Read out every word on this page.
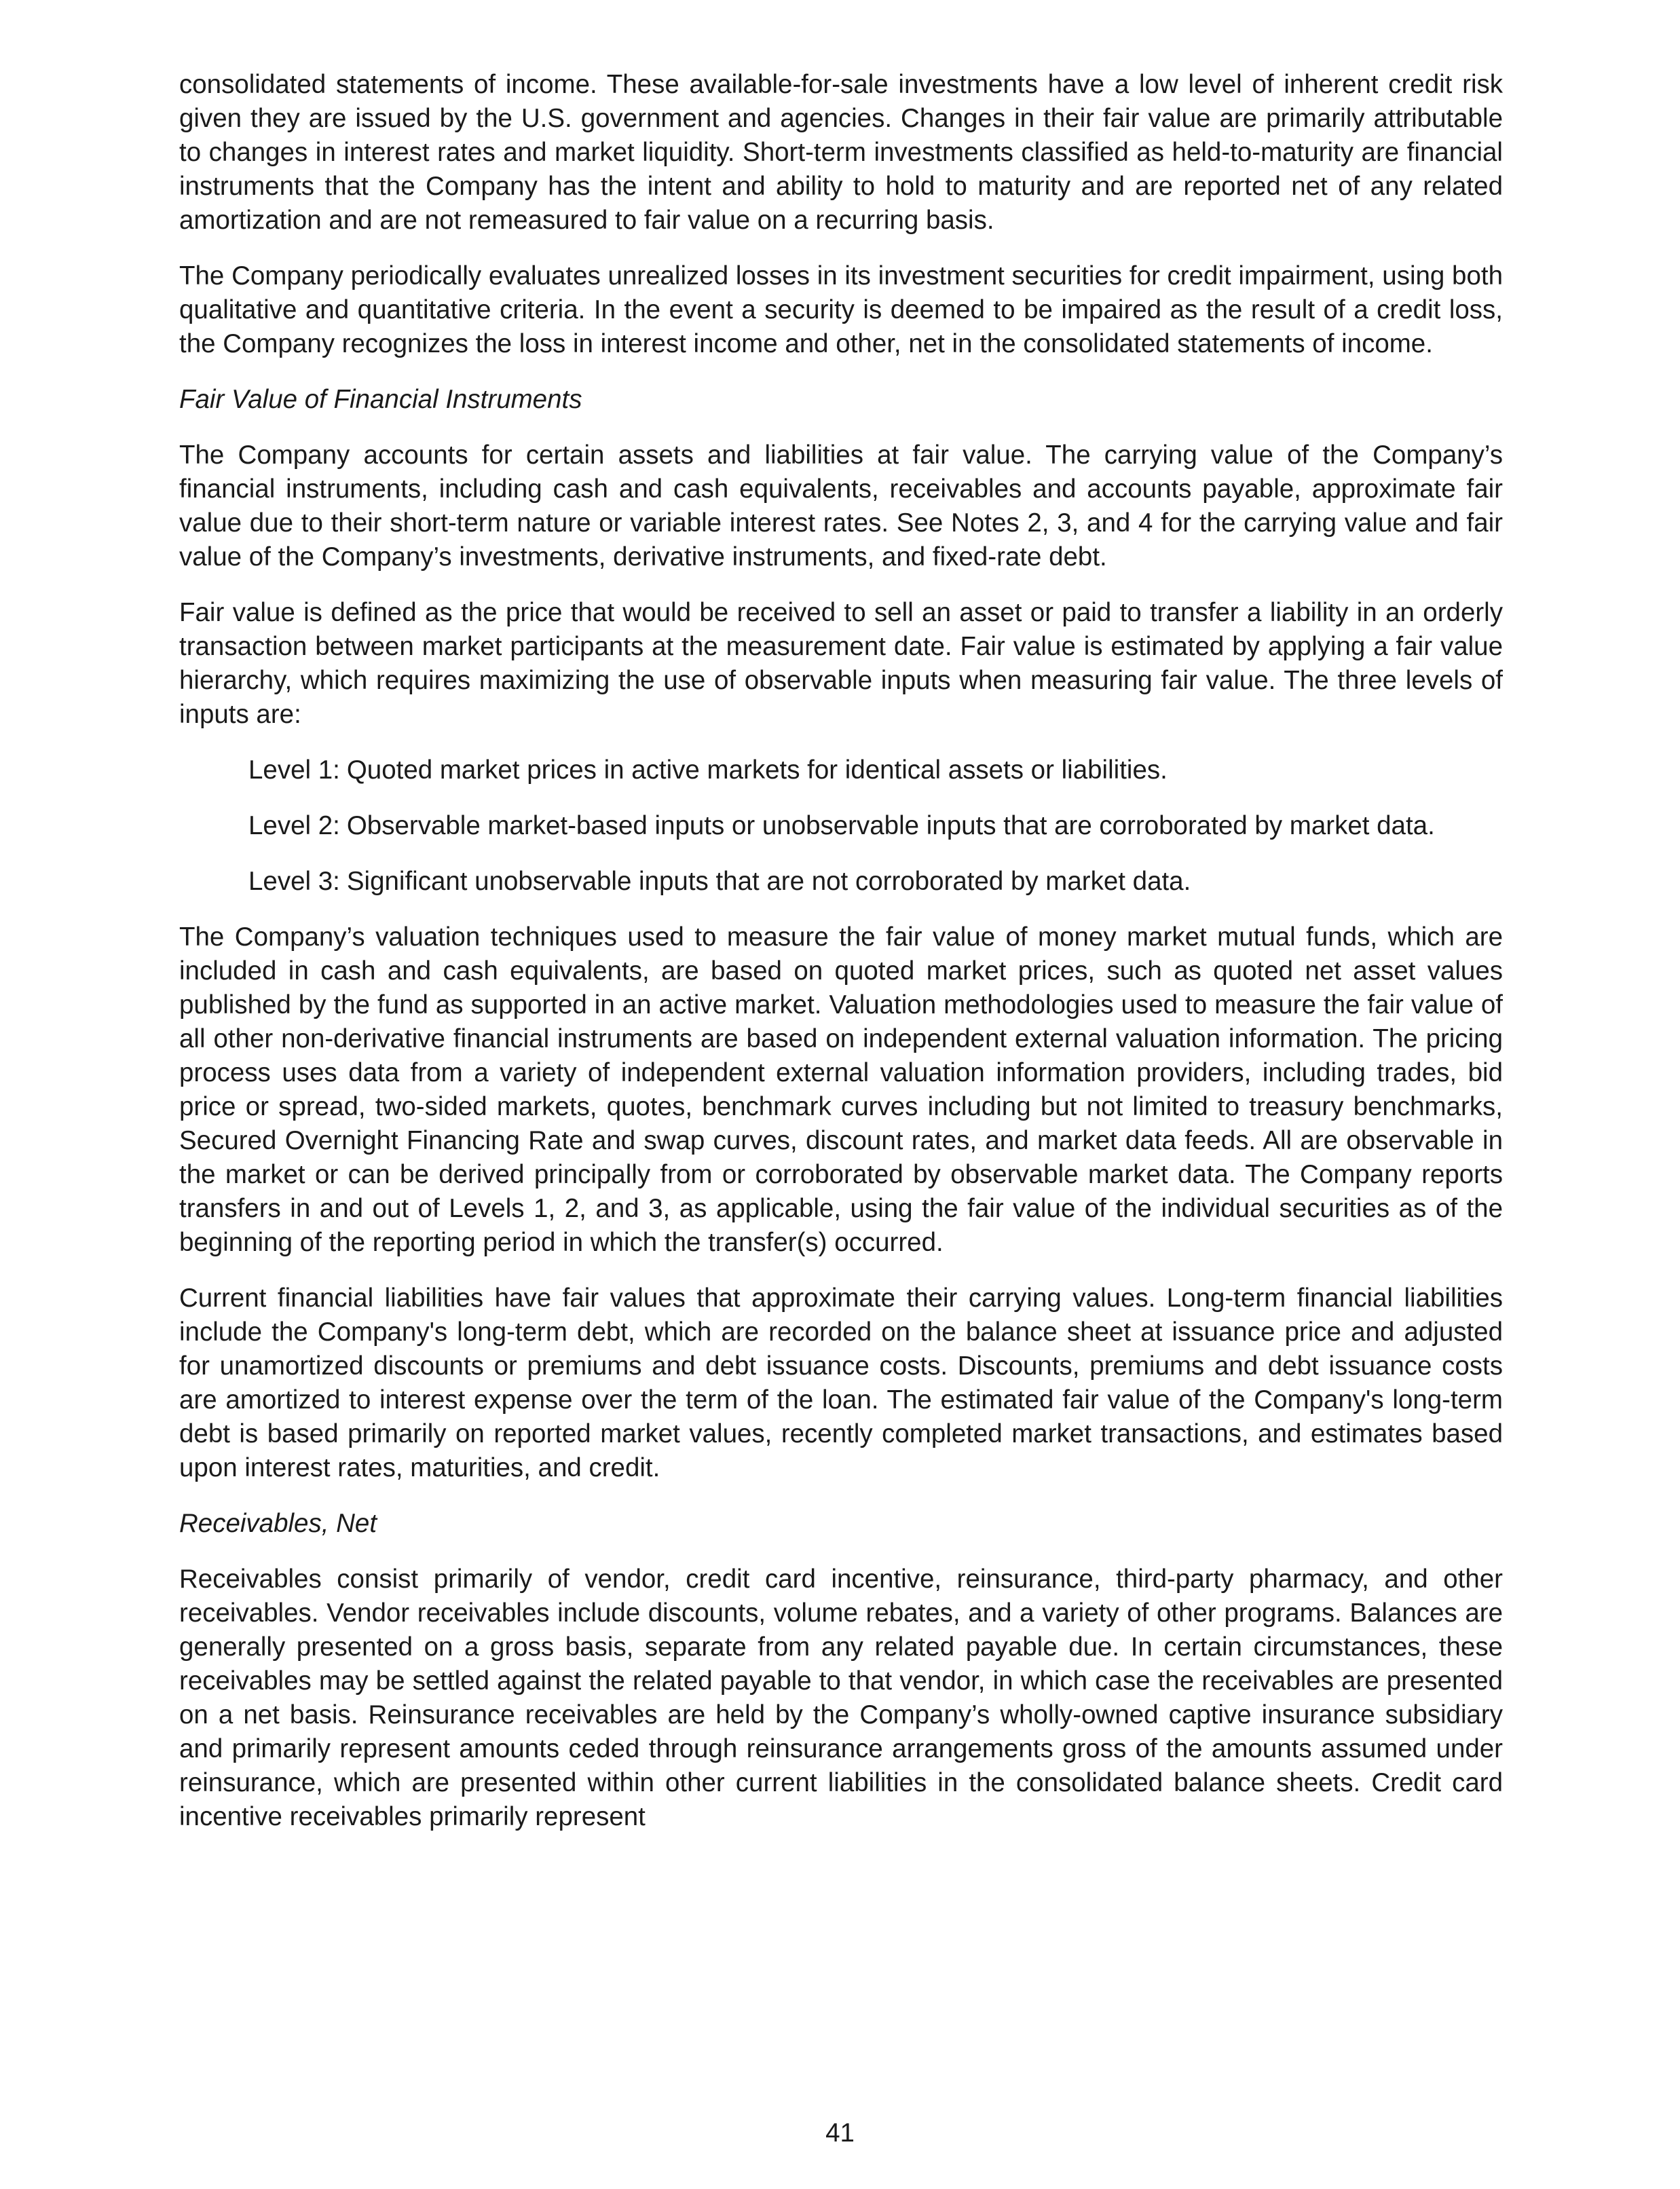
consolidated statements of income. These available-for-sale investments have a low level of inherent credit risk given they are issued by the U.S. government and agencies. Changes in their fair value are primarily attributable to changes in interest rates and market liquidity. Short-term investments classified as held-to-maturity are financial instruments that the Company has the intent and ability to hold to maturity and are reported net of any related amortization and are not remeasured to fair value on a recurring basis.

The Company periodically evaluates unrealized losses in its investment securities for credit impairment, using both qualitative and quantitative criteria. In the event a security is deemed to be impaired as the result of a credit loss, the Company recognizes the loss in interest income and other, net in the consolidated statements of income.

Fair Value of Financial Instruments

The Company accounts for certain assets and liabilities at fair value. The carrying value of the Company’s financial instruments, including cash and cash equivalents, receivables and accounts payable, approximate fair value due to their short-term nature or variable interest rates. See Notes 2, 3, and 4 for the carrying value and fair value of the Company’s investments, derivative instruments, and fixed-rate debt.

Fair value is defined as the price that would be received to sell an asset or paid to transfer a liability in an orderly transaction between market participants at the measurement date. Fair value is estimated by applying a fair value hierarchy, which requires maximizing the use of observable inputs when measuring fair value. The three levels of inputs are:

Level 1: Quoted market prices in active markets for identical assets or liabilities.
Level 2: Observable market-based inputs or unobservable inputs that are corroborated by market data.
Level 3: Significant unobservable inputs that are not corroborated by market data.

The Company’s valuation techniques used to measure the fair value of money market mutual funds, which are included in cash and cash equivalents, are based on quoted market prices, such as quoted net asset values published by the fund as supported in an active market. Valuation methodologies used to measure the fair value of all other non-derivative financial instruments are based on independent external valuation information. The pricing process uses data from a variety of independent external valuation information providers, including trades, bid price or spread, two-sided markets, quotes, benchmark curves including but not limited to treasury benchmarks, Secured Overnight Financing Rate and swap curves, discount rates, and market data feeds. All are observable in the market or can be derived principally from or corroborated by observable market data. The Company reports transfers in and out of Levels 1, 2, and 3, as applicable, using the fair value of the individual securities as of the beginning of the reporting period in which the transfer(s) occurred.

Current financial liabilities have fair values that approximate their carrying values. Long-term financial liabilities include the Company's long-term debt, which are recorded on the balance sheet at issuance price and adjusted for unamortized discounts or premiums and debt issuance costs. Discounts, premiums and debt issuance costs are amortized to interest expense over the term of the loan. The estimated fair value of the Company's long-term debt is based primarily on reported market values, recently completed market transactions, and estimates based upon interest rates, maturities, and credit.

Receivables, Net

Receivables consist primarily of vendor, credit card incentive, reinsurance, third-party pharmacy, and other receivables. Vendor receivables include discounts, volume rebates, and a variety of other programs. Balances are generally presented on a gross basis, separate from any related payable due. In certain circumstances, these receivables may be settled against the related payable to that vendor, in which case the receivables are presented on a net basis. Reinsurance receivables are held by the Company’s wholly-owned captive insurance subsidiary and primarily represent amounts ceded through reinsurance arrangements gross of the amounts assumed under reinsurance, which are presented within other current liabilities in the consolidated balance sheets. Credit card incentive receivables primarily represent

41
